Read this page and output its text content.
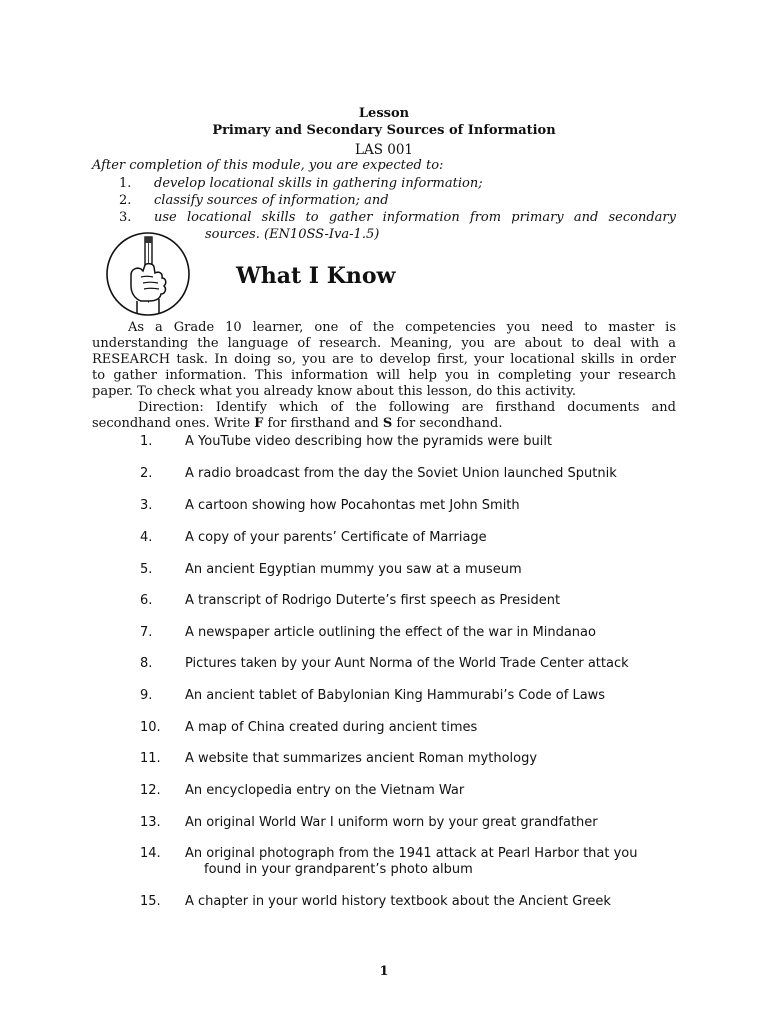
Lesson
Primary and Secondary Sources of Information
LAS 001
After completion of this module, you are expected to:
1. develop locational skills in gathering information;
2. classify sources of information; and
3. use locational skills to gather information from primary and secondary
sources. (EN10SS-Iva-1.5)
What I Know
As a Grade 10 learner, one of the competencies you need to master is
understanding the language of research. Meaning, you are about to deal with a
RESEARCH task. In doing so, you are to develop first, your locational skills in order
to gather information. This information will help you in completing your research
paper. To check what you already know about this lesson, do this activity.
Direction: Identify which of the following are firsthand documents and
secondhand ones. Write F for firsthand and S for secondhand.
1.	A YouTube video describing how the pyramids were built
2.	A radio broadcast from the day the Soviet Union launched Sputnik
3.	A cartoon showing how Pocahontas met John Smith
4.	A copy of your parents’ Certificate of Marriage
5.	An ancient Egyptian mummy you saw at a museum
6.	A transcript of Rodrigo Duterte’s first speech as President
7.	A newspaper article outlining the effect of the war in Mindanao
8.	Pictures taken by your Aunt Norma of the World Trade Center attack
9.	An ancient tablet of Babylonian King Hammurabi’s Code of Laws
10. A map of China created during ancient times
11. A website that summarizes ancient Roman mythology
12. An encyclopedia entry on the Vietnam War
13. An original World War I uniform worn by your great grandfather
14. An original photograph from the 1941 attack at Pearl Harbor that you
found in your grandparent’s photo album
15. A chapter in your world history textbook about the Ancient Greek
1
